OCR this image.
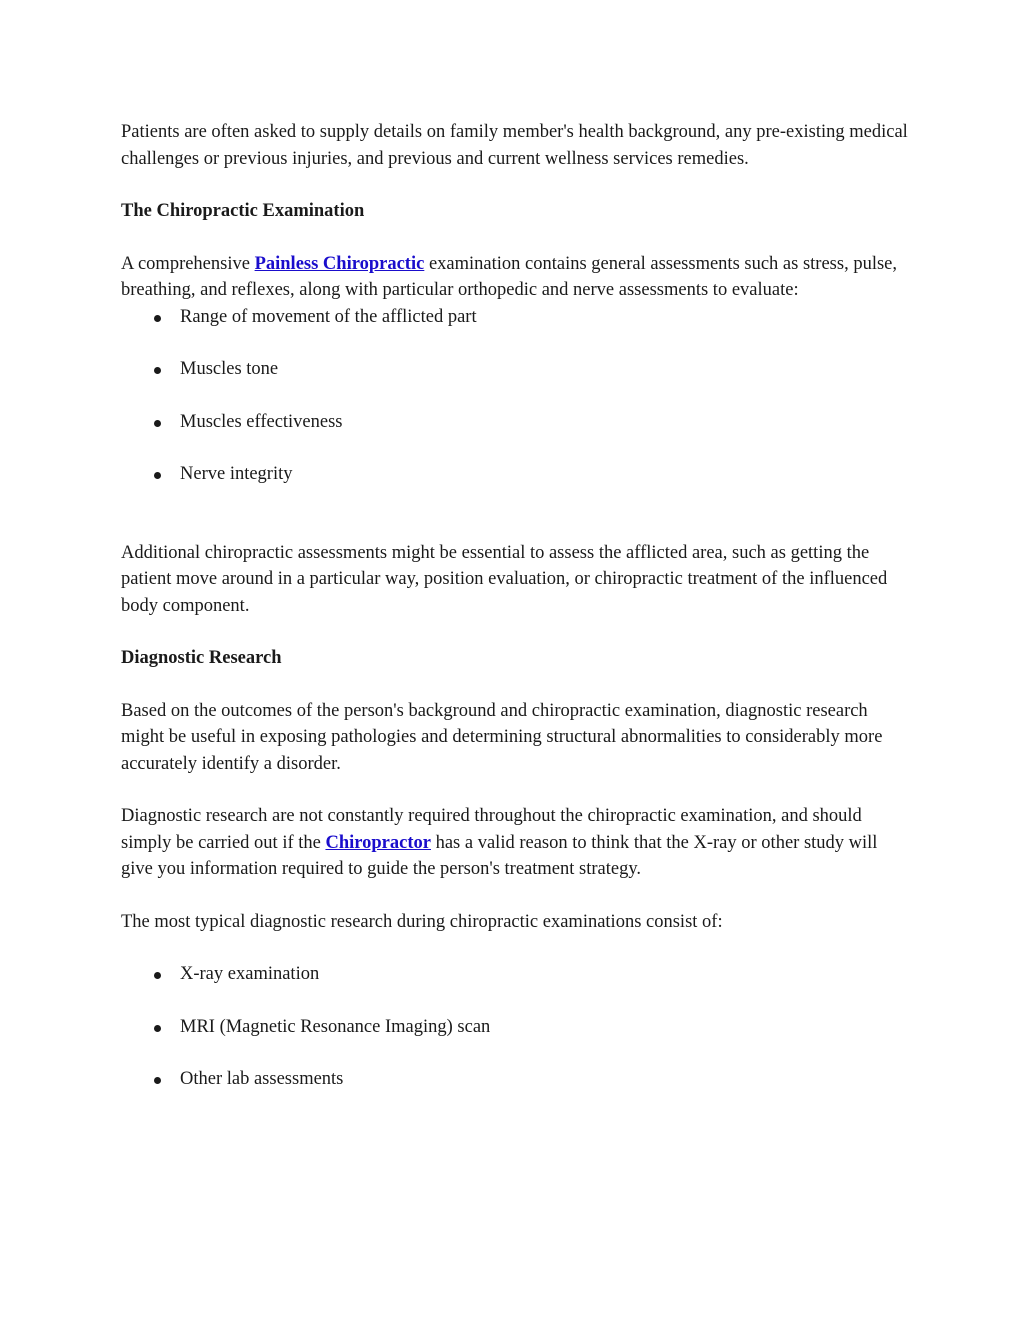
Patients are often asked to supply details on family member's health background, any pre-existing medical challenges or previous injuries, and previous and current wellness services remedies.

The Chiropractic Examination

A comprehensive Painless Chiropractic examination contains general assessments such as stress, pulse, breathing, and reflexes, along with particular orthopedic and nerve assessments to evaluate:

Range of movement of the afflicted part
Muscles tone
Muscles effectiveness
Nerve integrity

Additional chiropractic assessments might be essential to assess the afflicted area, such as getting the patient move around in a particular way, position evaluation, or chiropractic treatment of the influenced body component.

Diagnostic Research

Based on the outcomes of the person's background and chiropractic examination, diagnostic research might be useful in exposing pathologies and determining structural abnormalities to considerably more accurately identify a disorder.

Diagnostic research are not constantly required throughout the chiropractic examination, and should simply be carried out if the Chiropractor has a valid reason to think that the X-ray or other study will give you information required to guide the person's treatment strategy.

The most typical diagnostic research during chiropractic examinations consist of:

X-ray examination
MRI (Magnetic Resonance Imaging) scan
Other lab assessments
